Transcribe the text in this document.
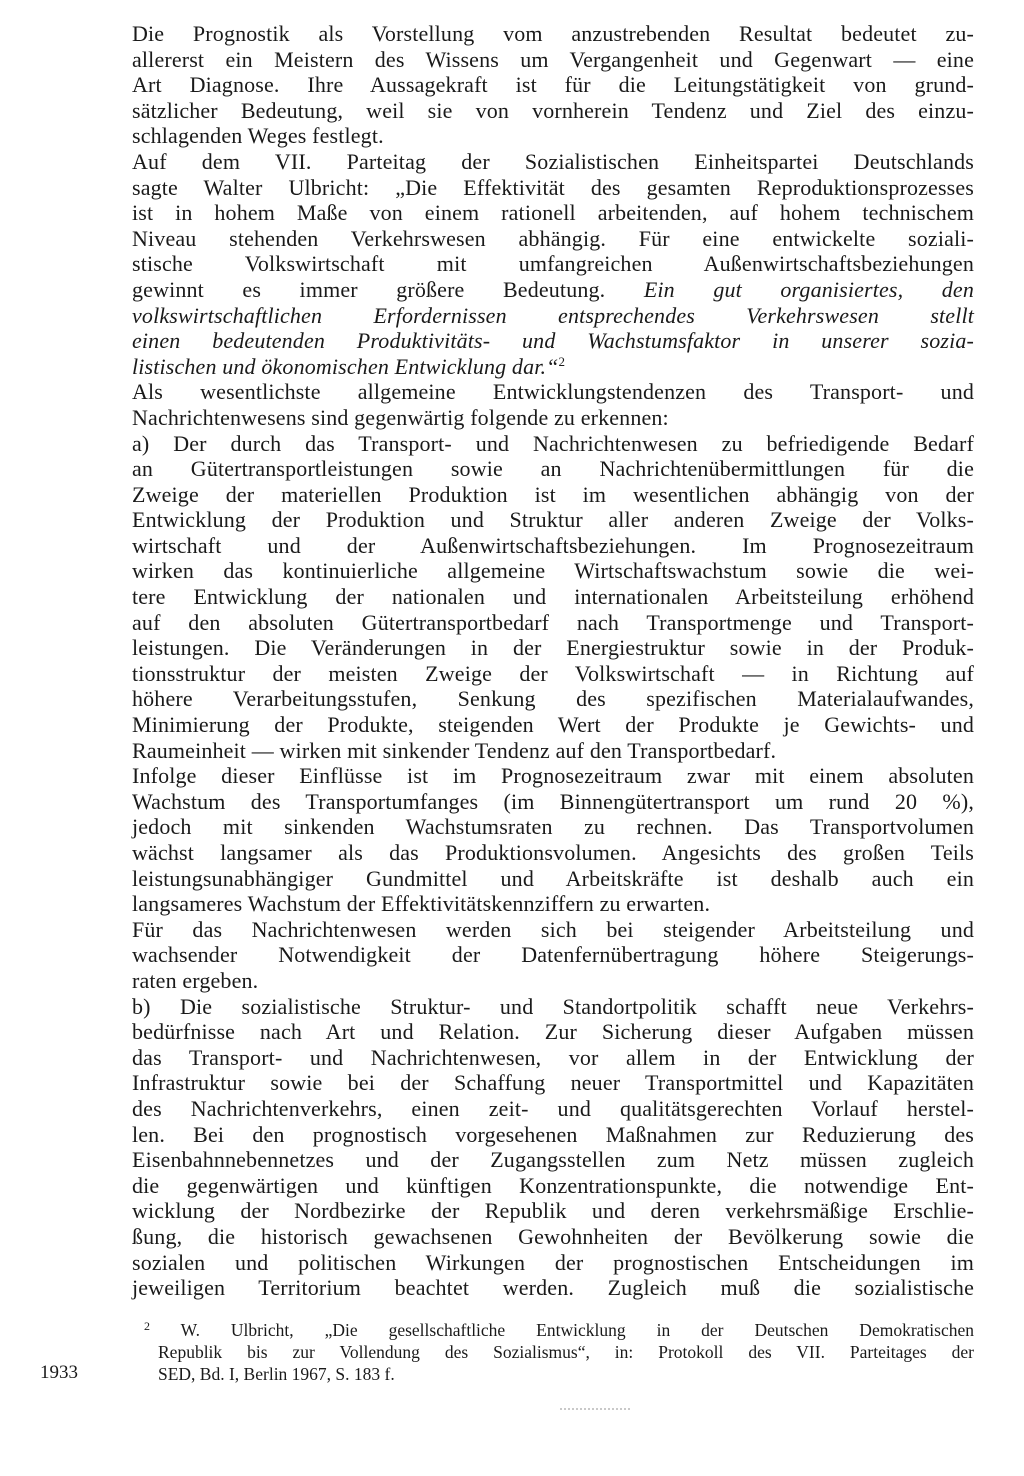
Die Prognostik als Vorstellung vom anzustrebenden Resultat bedeutet zu-
allererst ein Meistern des Wissens um Vergangenheit und Gegenwart — eine
Art Diagnose. Ihre Aussagekraft ist für die Leitungstätigkeit von grund-
sätzlicher Bedeutung, weil sie von vornherein Tendenz und Ziel des einzu-
schlagenden Weges festlegt.
Auf dem VII. Parteitag der Sozialistischen Einheitspartei Deutschlands
sagte Walter Ulbricht: „Die Effektivität des gesamten Reproduktionsprozesses
ist in hohem Maße von einem rationell arbeitenden, auf hohem technischem
Niveau stehenden Verkehrswesen abhängig. Für eine entwickelte soziali-
stische Volkswirtschaft mit umfangreichen Außenwirtschaftsbeziehungen
gewinnt es immer größere Bedeutung. Ein gut organisiertes, den
volkswirtschaftlichen Erfordernissen entsprechendes Verkehrswesen stellt
einen bedeutenden Produktivitäts- und Wachstumsfaktor in unserer sozia-
listischen und ökonomischen Entwicklung dar.“$^2$
Als wesentlichste allgemeine Entwicklungstendenzen des Transport- und
Nachrichtenwesens sind gegenwärtig folgende zu erkennen:
a) Der durch das Transport- und Nachrichtenwesen zu befriedigende Bedarf
an Gütertransportleistungen sowie an Nachrichtenübermittlungen für die
Zweige der materiellen Produktion ist im wesentlichen abhängig von der
Entwicklung der Produktion und Struktur aller anderen Zweige der Volks-
wirtschaft und der Außenwirtschaftsbeziehungen. Im Prognosezeitraum
wirken das kontinuierliche allgemeine Wirtschaftswachstum sowie die wei-
tere Entwicklung der nationalen und internationalen Arbeitsteilung erhöhend
auf den absoluten Gütertransportbedarf nach Transportmenge und Transport-
leistungen. Die Veränderungen in der Energiestruktur sowie in der Produk-
tionsstruktur der meisten Zweige der Volkswirtschaft — in Richtung auf
höhere Verarbeitungsstufen, Senkung des spezifischen Materialaufwandes,
Minimierung der Produkte, steigenden Wert der Produkte je Gewichts- und
Raumeinheit — wirken mit sinkender Tendenz auf den Transportbedarf.
Infolge dieser Einflüsse ist im Prognosezeitraum zwar mit einem absoluten
Wachstum des Transportumfanges (im Binnengütertransport um rund 20 %),
jedoch mit sinkenden Wachstumsraten zu rechnen. Das Transportvolumen
wächst langsamer als das Produktionsvolumen. Angesichts des großen Teils
leistungsunabhängiger Gundmittel und Arbeitskräfte ist deshalb auch ein
langsameres Wachstum der Effektivitätskennziffern zu erwarten.
Für das Nachrichtenwesen werden sich bei steigender Arbeitsteilung und
wachsender Notwendigkeit der Datenfernübertragung höhere Steigerungs-
raten ergeben.
b) Die sozialistische Struktur- und Standortpolitik schafft neue Verkehrs-
bedürfnisse nach Art und Relation. Zur Sicherung dieser Aufgaben müssen
das Transport- und Nachrichtenwesen, vor allem in der Entwicklung der
Infrastruktur sowie bei der Schaffung neuer Transportmittel und Kapazitäten
des Nachrichtenverkehrs, einen zeit- und qualitätsgerechten Vorlauf herstel-
len. Bei den prognostisch vorgesehenen Maßnahmen zur Reduzierung des
Eisenbahnnebennetzes und der Zugangsstellen zum Netz müssen zugleich
die gegenwärtigen und künftigen Konzentrationspunkte, die notwendige Ent-
wicklung der Nordbezirke der Republik und deren verkehrsmäßige Erschlie-
ßung, die historisch gewachsenen Gewohnheiten der Bevölkerung sowie die
sozialen und politischen Wirkungen der prognostischen Entscheidungen im
jeweiligen Territorium beachtet werden. Zugleich muß die sozialistische
$^2$ W. Ulbricht, „Die gesellschaftliche Entwicklung in der Deutschen Demokratischen
Republik bis zur Vollendung des Sozialismus“, in: Protokoll des VII. Parteitages der
SED, Bd. I, Berlin 1967, S. 183 f.
1933
